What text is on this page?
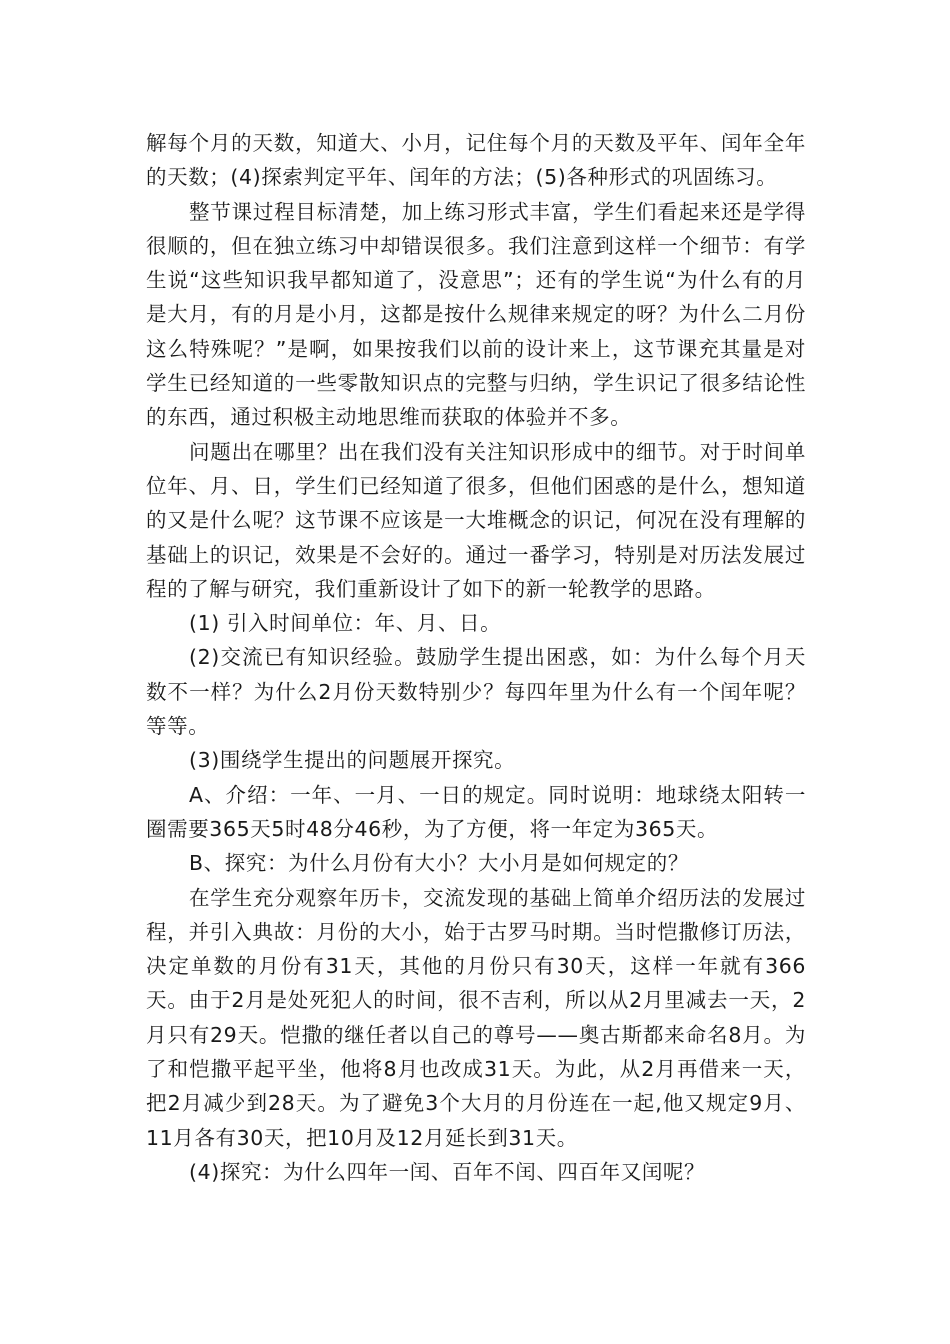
解每个月的天数，知道大、小月，记住每个月的天数及平年、闰年全年的天数；(4)探索判定平年、闰年的方法；(5)各种形式的巩固练习。

整节课过程目标清楚，加上练习形式丰富，学生们看起来还是学得很顺的，但在独立练习中却错误很多。我们注意到这样一个细节：有学生说“这些知识我早都知道了，没意思”；还有的学生说“为什么有的月是大月，有的月是小月，这都是按什么规律来规定的呀？为什么二月份这么特殊呢？”是啊，如果按我们以前的设计来上，这节课充其量是对学生已经知道的一些零散知识点的完整与归纳，学生识记了很多结论性的东西，通过积极主动地思维而获取的体验并不多。

问题出在哪里？出在我们没有关注知识形成中的细节。对于时间单位年、月、日，学生们已经知道了很多，但他们困惑的是什么，想知道的又是什么呢？这节课不应该是一大堆概念的识记，何况在没有理解的基础上的识记，效果是不会好的。通过一番学习，特别是对历法发展过程的了解与研究，我们重新设计了如下的新一轮教学的思路。

(1) 引入时间单位：年、月、日。

(2)交流已有知识经验。鼓励学生提出困惑，如：为什么每个月天数不一样？为什么2月份天数特别少？每四年里为什么有一个闰年呢？等等。

(3)围绕学生提出的问题展开探究。

A、介绍：一年、一月、一日的规定。同时说明：地球绕太阳转一圈需要365天5时48分46秒，为了方便，将一年定为365天。

B、探究：为什么月份有大小？大小月是如何规定的？

在学生充分观察年历卡，交流发现的基础上简单介绍历法的发展过程，并引入典故：月份的大小，始于古罗马时期。当时恺撒修订历法，决定单数的月份有31天，其他的月份只有30天，这样一年就有366天。由于2月是处死犯人的时间，很不吉利，所以从2月里减去一天，2月只有29天。恺撒的继任者以自己的尊号——奥古斯都来命名8月。为了和恺撒平起平坐，他将8月也改成31天。为此，从2月再借来一天，把2月减少到28天。为了避免3个大月的月份连在一起,他又规定9月、11月各有30天，把10月及12月延长到31天。

(4)探究：为什么四年一闰、百年不闰、四百年又闰呢？
